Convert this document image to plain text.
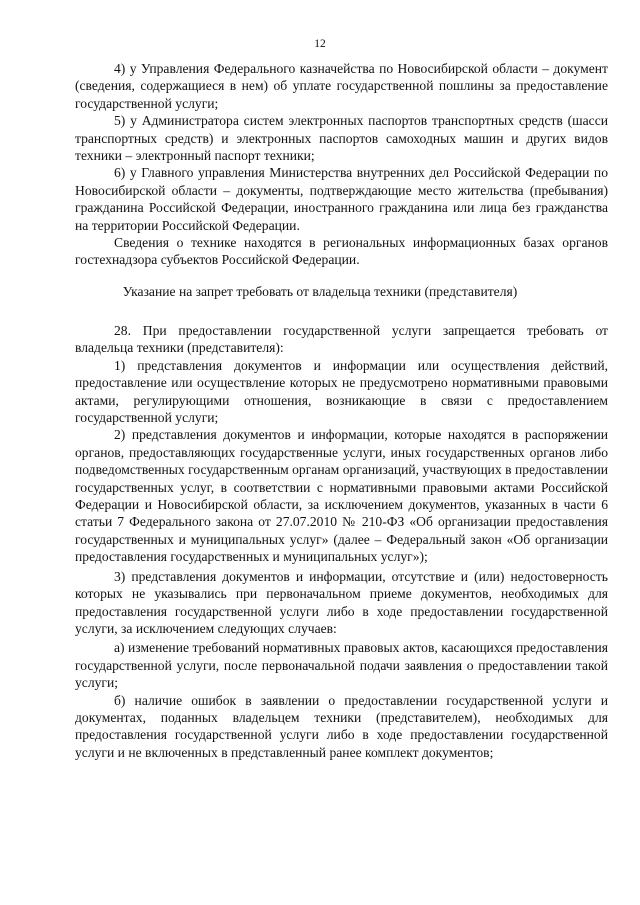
12

4) у Управления Федерального казначейства по Новосибирской области – документ (сведения, содержащиеся в нем) об уплате государственной пошлины за предоставление государственной услуги;

5) у Администратора систем электронных паспортов транспортных средств (шасси транспортных средств) и электронных паспортов самоходных машин и других видов техники – электронный паспорт техники;

6) у Главного управления Министерства внутренних дел Российской Федерации по Новосибирской области – документы, подтверждающие место жительства (пребывания) гражданина Российской Федерации, иностранного гражданина или лица без гражданства на территории Российской Федерации.

Сведения о технике находятся в региональных информационных базах органов гостехнадзора субъектов Российской Федерации.

Указание на запрет требовать от владельца техники (представителя)

28. При предоставлении государственной услуги запрещается требовать от владельца техники (представителя):

1) представления документов и информации или осуществления действий, предоставление или осуществление которых не предусмотрено нормативными правовыми актами, регулирующими отношения, возникающие в связи с предоставлением государственной услуги;

2) представления документов и информации, которые находятся в распоряжении органов, предоставляющих государственные услуги, иных государственных органов либо подведомственных государственным органам организаций, участвующих в предоставлении государственных услуг, в соответствии с нормативными правовыми актами Российской Федерации и Новосибирской области, за исключением документов, указанных в части 6 статьи 7 Федерального закона от 27.07.2010 № 210-ФЗ «Об организации предоставления государственных и муниципальных услуг» (далее – Федеральный закон «Об организации предоставления государственных и муниципальных услуг»);

3) представления документов и информации, отсутствие и (или) недостоверность которых не указывались при первоначальном приеме документов, необходимых для предоставления государственной услуги либо в ходе предоставлении государственной услуги, за исключением следующих случаев:

а) изменение требований нормативных правовых актов, касающихся предоставления государственной услуги, после первоначальной подачи заявления о предоставлении такой услуги;

б) наличие ошибок в заявлении о предоставлении государственной услуги и документах, поданных владельцем техники (представителем), необходимых для предоставления государственной услуги либо в ходе предоставлении государственной услуги и не включенных в представленный ранее комплект документов;
